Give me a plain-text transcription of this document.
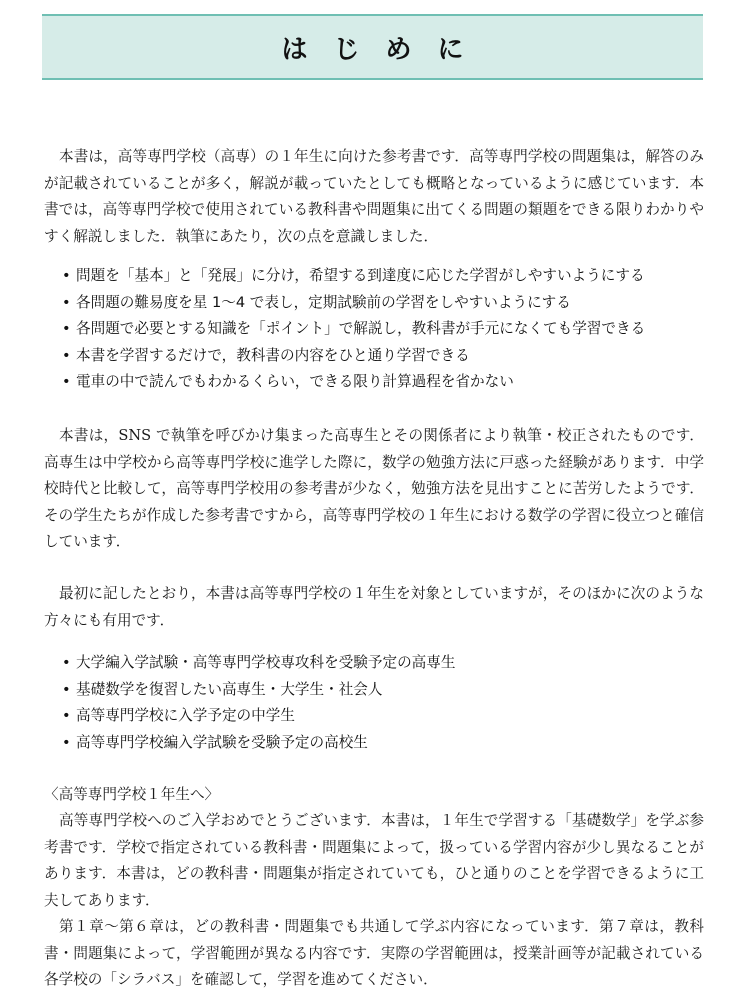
はじめに

本書は，高等専門学校（高専）の１年生に向けた参考書です．高等専門学校の問題集は，解答のみが記載されていることが多く，解説が載っていたとしても概略となっているように感じています．本書では，高等専門学校で使用されている教科書や問題集に出てくる問題の類題をできる限りわかりやすく解説しました．執筆にあたり，次の点を意識しました．

• 問題を「基本」と「発展」に分け，希望する到達度に応じた学習がしやすいようにする
• 各問題の難易度を星 1～4 で表し，定期試験前の学習をしやすいようにする
• 各問題で必要とする知識を「ポイント」で解説し，教科書が手元になくても学習できる
• 本書を学習するだけで，教科書の内容をひと通り学習できる
• 電車の中で読んでもわかるくらい，できる限り計算過程を省かない

本書は，SNS で執筆を呼びかけ集まった高専生とその関係者により執筆・校正されたものです．高専生は中学校から高等専門学校に進学した際に，数学の勉強方法に戸惑った経験があります．中学校時代と比較して，高等専門学校用の参考書が少なく，勉強方法を見出すことに苦労したようです．その学生たちが作成した参考書ですから，高等専門学校の１年生における数学の学習に役立つと確信しています．

最初に記したとおり，本書は高等専門学校の１年生を対象としていますが，そのほかに次のような方々にも有用です．

• 大学編入学試験・高等専門学校専攻科を受験予定の高専生
• 基礎数学を復習したい高専生・大学生・社会人
• 高等専門学校に入学予定の中学生
• 高等専門学校編入学試験を受験予定の高校生

〈高等専門学校１年生へ〉

高等専門学校へのご入学おめでとうございます．本書は，１年生で学習する「基礎数学」を学ぶ参考書です．学校で指定されている教科書・問題集によって，扱っている学習内容が少し異なることがあります．本書は，どの教科書・問題集が指定されていても，ひと通りのことを学習できるように工夫してあります．

第１章～第６章は，どの教科書・問題集でも共通して学ぶ内容になっています．第７章は，教科書・問題集によって，学習範囲が異なる内容です．実際の学習範囲は，授業計画等が記載されている各学校の「シラバス」を確認して，学習を進めてください．
